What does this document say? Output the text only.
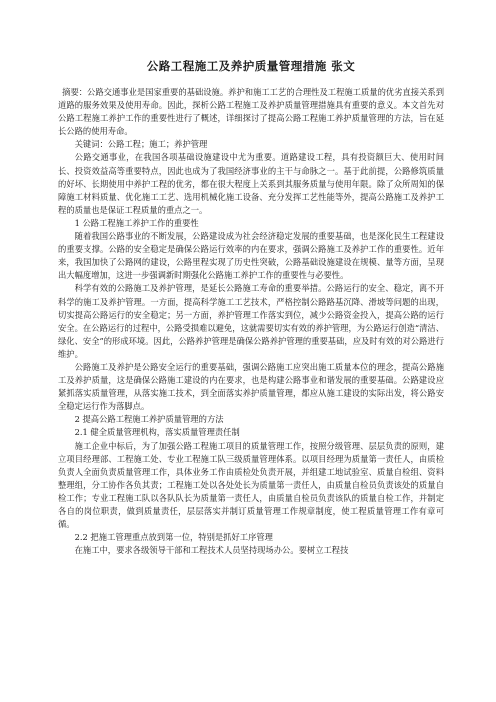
公路工程施工及养护质量管理措施 张文

摘要：公路交通事业是国家重要的基础设施。养护和施工工艺的合理性及工程施工质量的优劣直接关系到道路的服务效果及使用寿命。因此，探析公路工程施工及养护质量管理措施具有重要的意义。本文首先对公路工程施工养护工作的重要性进行了概述，详细探讨了提高公路工程施工养护质量管理的方法，旨在延长公路的使用寿命。

关键词：公路工程；施工；养护管理

公路交通事业，在我国各项基础设施建设中尤为重要。道路建设工程，具有投资额巨大、使用时间长、投资效益高等重要特点，因此也成为了我国经济事业的主干与命脉之一。基于此前提，公路修筑质量的好坏、长期使用中养护工程的优劣，都在很大程度上关系到其服务质量与使用年限。除了众所周知的保障施工材料质量、优化施工工艺、选用机械化施工设备、充分发挥工艺性能等外，提高公路施工及养护工程的质量也是保证工程质量的重点之一。

1 公路工程施工养护工作的重要性

随着我国公路事业的不断发展，公路建设成为社会经济稳定发展的重要基础，也是深化民生工程建设的重要支撑。公路的安全稳定是确保公路运行效率的内在要求，强调公路施工及养护工作的重要性。近年来，我国加快了公路网的建设，公路里程实现了历史性突破，公路基础设施建设在规模、量等方面，呈现出大幅度增加，这进一步强调新时期强化公路施工养护工作的重要性与必要性。

科学有效的公路施工及养护管理，是延长公路施工寿命的重要举措。公路运行的安全、稳定，离不开科学的施工及养护管理。一方面，提高科学施工工艺技术，严格控制公路路基沉降、滑坡等问题的出现，切实提高公路运行的安全稳定；另一方面，养护管理工作落实到位，减少公路资金投入，提高公路的运行安全。在公路运行的过程中，公路受损难以避免，这就需要切实有效的养护管理，为公路运行创造“清洁、绿化、安全”的形成环境。因此，公路养护管理是确保公路养护管理的重要基础，应及时有效的对公路进行维护。

公路施工及养护是公路安全运行的重要基础，强调公路施工应突出施工质量本位的理念，提高公路施工及养护质量，这是确保公路施工建设的内在要求，也是构建公路事业和谐发展的重要基础。公路建设应紧抓落实质量管理，从落实施工技术，到全面落实养护质量管理，都应从施工建设的实际出发，将公路安全稳定运行作为落脚点。

2 提高公路工程施工养护质量管理的方法

2.1 健全质量管理机构，落实质量管理责任制

施工企业中标后，为了加强公路工程施工项目的质量管理工作，按照分级管理、层层负责的原则，建立项目经理部、工程施工处、专业工程施工队三级质量管理体系。以项目经理为质量第一责任人，由质检负责人全面负责质量管理工作，具体业务工作由质检处负责开展，并组建工地试验室、质量自检组、资料整理组，分工协作各负其责；工程施工处以各处处长为质量第一责任人，由质量自检员负责该处的质量自检工作；专业工程施工队以各队队长为质量第一责任人，由质量自检员负责该队的质量自检工作，并制定各自的岗位职责，做到质量责任，层层落实并制订质量管理工作规章制度，使工程质量管理工作有章可循。

2.2 把施工管理重点放到第一位，特别是抓好工序管理

在施工中，要求各级领导干部和工程技术人员坚持现场办公。要树立工程技
